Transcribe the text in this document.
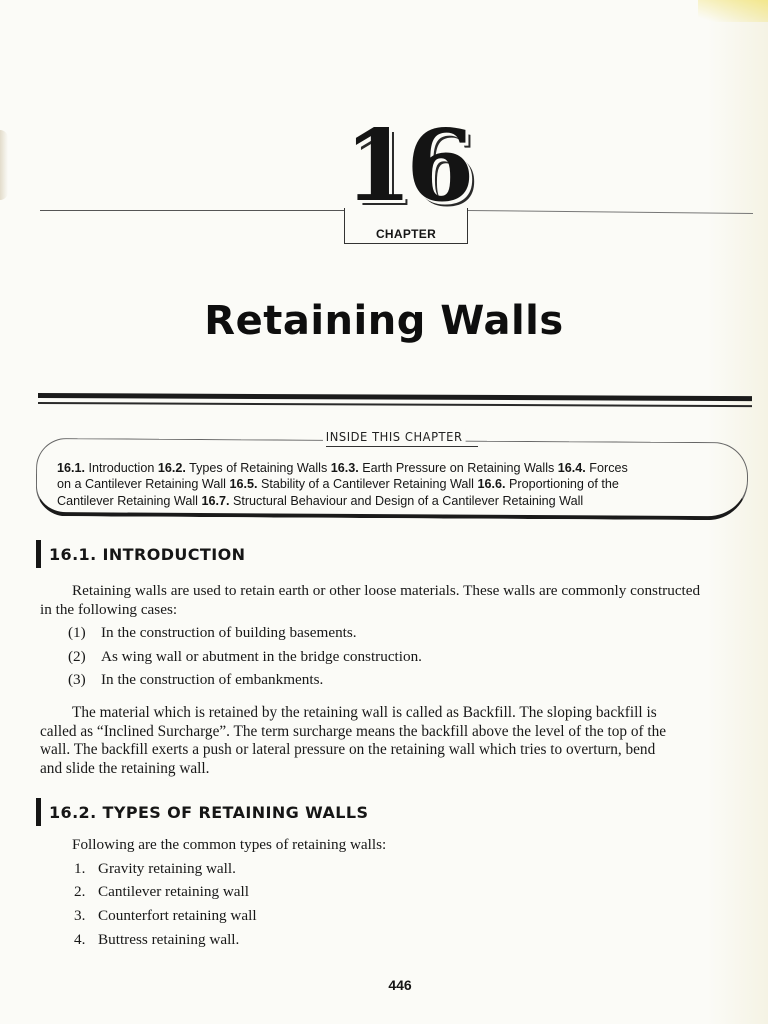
16
CHAPTER
Retaining Walls
INSIDE THIS CHAPTER
16.1. Introduction 16.2. Types of Retaining Walls 16.3. Earth Pressure on Retaining Walls 16.4. Forces
on a Cantilever Retaining Wall 16.5. Stability of a Cantilever Retaining Wall 16.6. Proportioning of the
Cantilever Retaining Wall 16.7. Structural Behaviour and Design of a Cantilever Retaining Wall
16.1. INTRODUCTION
Retaining walls are used to retain earth or other loose materials. These walls are commonly constructed
in the following cases:
(1) In the construction of building basements.
(2) As wing wall or abutment in the bridge construction.
(3) In the construction of embankments.
The material which is retained by the retaining wall is called as Backfill. The sloping backfill is
called as “Inclined Surcharge”. The term surcharge means the backfill above the level of the top of the
wall. The backfill exerts a push or lateral pressure on the retaining wall which tries to overturn, bend
and slide the retaining wall.
16.2. TYPES OF RETAINING WALLS
Following are the common types of retaining walls:
1. Gravity retaining wall.
2. Cantilever retaining wall
3. Counterfort retaining wall
4. Buttress retaining wall.
446
